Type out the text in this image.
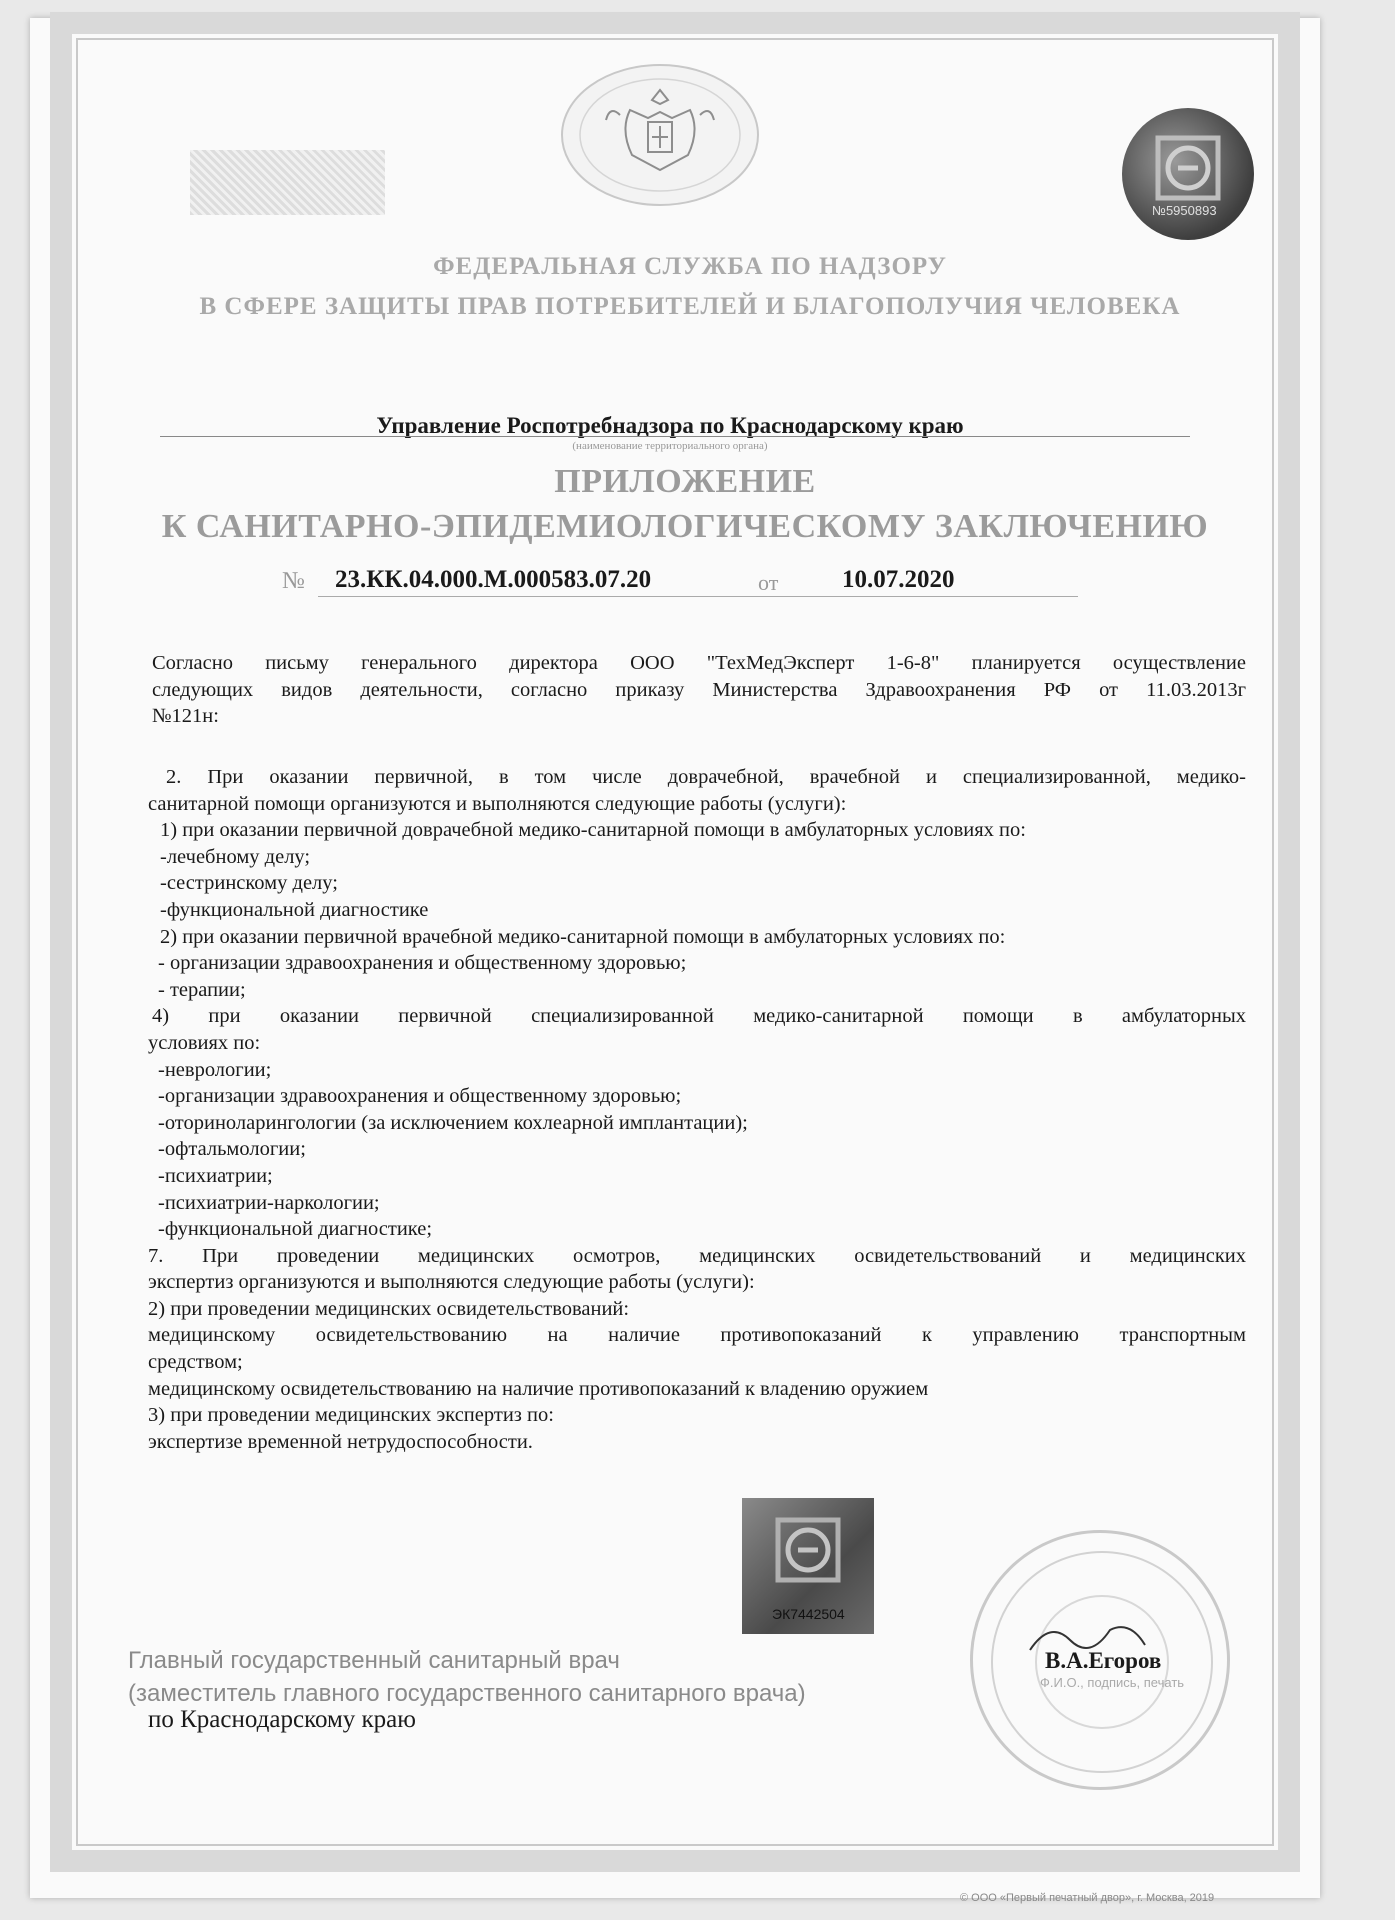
№5950893
ФЕДЕРАЛЬНАЯ СЛУЖБА ПО НАДЗОРУ
В СФЕРЕ ЗАЩИТЫ ПРАВ ПОТРЕБИТЕЛЕЙ И БЛАГОПОЛУЧИЯ ЧЕЛОВЕКА
Управление Роспотребнадзора по Краснодарскому краю
(наименование территориального органа)
ПРИЛОЖЕНИЕ
К САНИТАРНО-ЭПИДЕМИОЛОГИЧЕСКОМУ ЗАКЛЮЧЕНИЮ
№ 23.КК.04.000.М.000583.07.20	от	10.07.2020
Согласно письму генерального директора ООО "ТехМедЭксперт 1-6-8" планируется осуществление
следующих видов деятельности, согласно приказу Министерства Здравоохранения РФ от 11.03.2013г
№121н:
2. При оказании первичной, в том числе доврачебной, врачебной и специализированной, медико-
санитарной помощи организуются и выполняются следующие работы (услуги):
1) при оказании первичной доврачебной медико-санитарной помощи в амбулаторных условиях по:
-лечебному делу;
-сестринскому делу;
-функциональной диагностике
2) при оказании первичной врачебной медико-санитарной помощи в амбулаторных условиях по:
- организации здравоохранения и общественному здоровью;
- терапии;
4) при оказании первичной специализированной медико-санитарной помощи в амбулаторных
условиях по:
-неврологии;
-организации здравоохранения и общественному здоровью;
-оториноларингологии (за исключением кохлеарной имплантации);
-офтальмологии;
-психиатрии;
-психиатрии-наркологии;
-функциональной диагностике;
7. При проведении медицинских осмотров, медицинских освидетельствований и медицинских
экспертиз организуются и выполняются следующие работы (услуги):
2) при проведении медицинских освидетельствований:
медицинскому освидетельствованию на наличие противопоказаний к управлению транспортным
средством;
медицинскому освидетельствованию на наличие противопоказаний к владению оружием
3) при проведении медицинских экспертиз по:
экспертизе временной нетрудоспособности.
ЭК7442504
Главный государственный санитарный врач
(заместитель главного государственного санитарного врача)
по Краснодарскому краю
В.А.Егоров
Ф.И.О., подпись, печать
© ООО «Первый печатный двор», г. Москва, 2019
